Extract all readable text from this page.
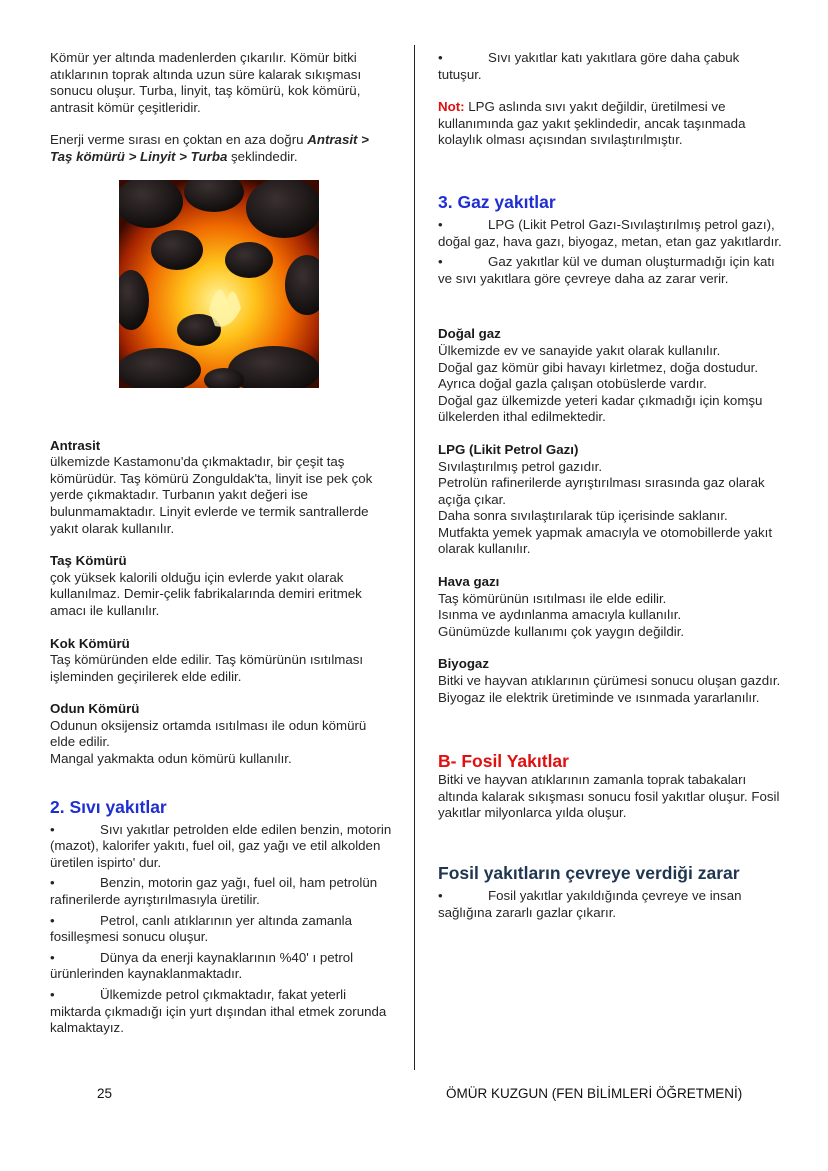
Kömür yer altında madenlerden çıkarılır. Kömür bitki atıklarının toprak altında uzun süre kalarak sıkışması sonucu oluşur. Turba, linyit, taş kömürü, kok kömürü, antrasit kömür çeşitleridir.

Enerji verme sırası en çoktan en aza doğru Antrasit > Taş kömürü > Linyit > Turba şeklindedir.

Antrasit

ülkemizde Kastamonu'da çıkmaktadır, bir çeşit taş kömürüdür. Taş kömürü Zonguldak'ta, linyit ise pek çok yerde çıkmaktadır. Turbanın yakıt değeri ise bulunmamaktadır. Linyit evlerde ve termik santrallerde yakıt olarak kullanılır.

Taş Kömürü

çok yüksek kalorili olduğu için evlerde yakıt olarak kullanılmaz. Demir-çelik fabrikalarında demiri eritmek amacı ile kullanılır.

Kok Kömürü

Taş kömüründen elde edilir. Taş kömürünün ısıtılması işleminden geçirilerek elde edilir.

Odun Kömürü

Odunun oksijensiz ortamda ısıtılması ile odun kömürü elde edilir.

Mangal yakmakta odun kömürü kullanılır.

2. Sıvı yakıtlar

•	Sıvı yakıtlar petrolden elde edilen benzin, motorin (mazot), kalorifer yakıtı, fuel oil, gaz yağı ve etil alkolden üretilen ispirto' dur.

•	Benzin, motorin gaz yağı, fuel oil, ham petrolün rafinerilerde ayrıştırılmasıyla üretilir.

•	Petrol, canlı atıklarının yer altında zamanla fosilleşmesi sonucu oluşur.

•	Dünya da enerji kaynaklarının %40' ı petrol ürünlerinden kaynaklanmaktadır.

•	Ülkemizde petrol çıkmaktadır, fakat yeterli miktarda çıkmadığı için yurt dışından ithal etmek zorunda kalmaktayız.

•	Sıvı yakıtlar katı yakıtlara göre daha çabuk tutuşur.

Not: LPG aslında sıvı yakıt değildir, üretilmesi ve kullanımında gaz yakıt şeklindedir, ancak taşınmada kolaylık olması açısından sıvılaştırılmıştır.

3. Gaz yakıtlar

•	LPG (Likit Petrol Gazı-Sıvılaştırılmış petrol gazı), doğal gaz, hava gazı, biyogaz, metan, etan gaz yakıtlardır.

•	Gaz yakıtlar kül ve duman oluşturmadığı için katı ve sıvı yakıtlara göre çevreye daha az zarar verir.

Doğal gaz

Ülkemizde ev ve sanayide yakıt olarak kullanılır.

Doğal gaz kömür gibi havayı kirletmez, doğa dostudur.

Ayrıca doğal gazla çalışan otobüslerde vardır.

Doğal gaz ülkemizde yeteri kadar çıkmadığı için komşu ülkelerden ithal edilmektedir.

LPG (Likit Petrol Gazı)

Sıvılaştırılmış petrol gazıdır.

Petrolün rafinerilerde ayrıştırılması sırasında gaz olarak açığa çıkar.

Daha sonra sıvılaştırılarak tüp içerisinde saklanır.

Mutfakta yemek yapmak amacıyla ve otomobillerde yakıt olarak kullanılır.

Hava gazı

Taş kömürünün ısıtılması ile elde edilir.

Isınma ve aydınlanma amacıyla kullanılır.

Günümüzde kullanımı çok yaygın değildir.

Biyogaz

Bitki ve hayvan atıklarının çürümesi sonucu oluşan gazdır.

Biyogaz ile elektrik üretiminde ve ısınmada yararlanılır.

B- Fosil Yakıtlar

Bitki ve hayvan atıklarının zamanla toprak tabakaları altında kalarak sıkışması sonucu fosil yakıtlar oluşur. Fosil yakıtlar milyonlarca yılda oluşur.

Fosil yakıtların çevreye verdiği zarar

•	Fosil yakıtlar yakıldığında çevreye ve insan sağlığına zararlı gazlar çıkarır.

25	ÖMÜR KUZGUN (FEN BİLİMLERİ ÖĞRETMENİ)
